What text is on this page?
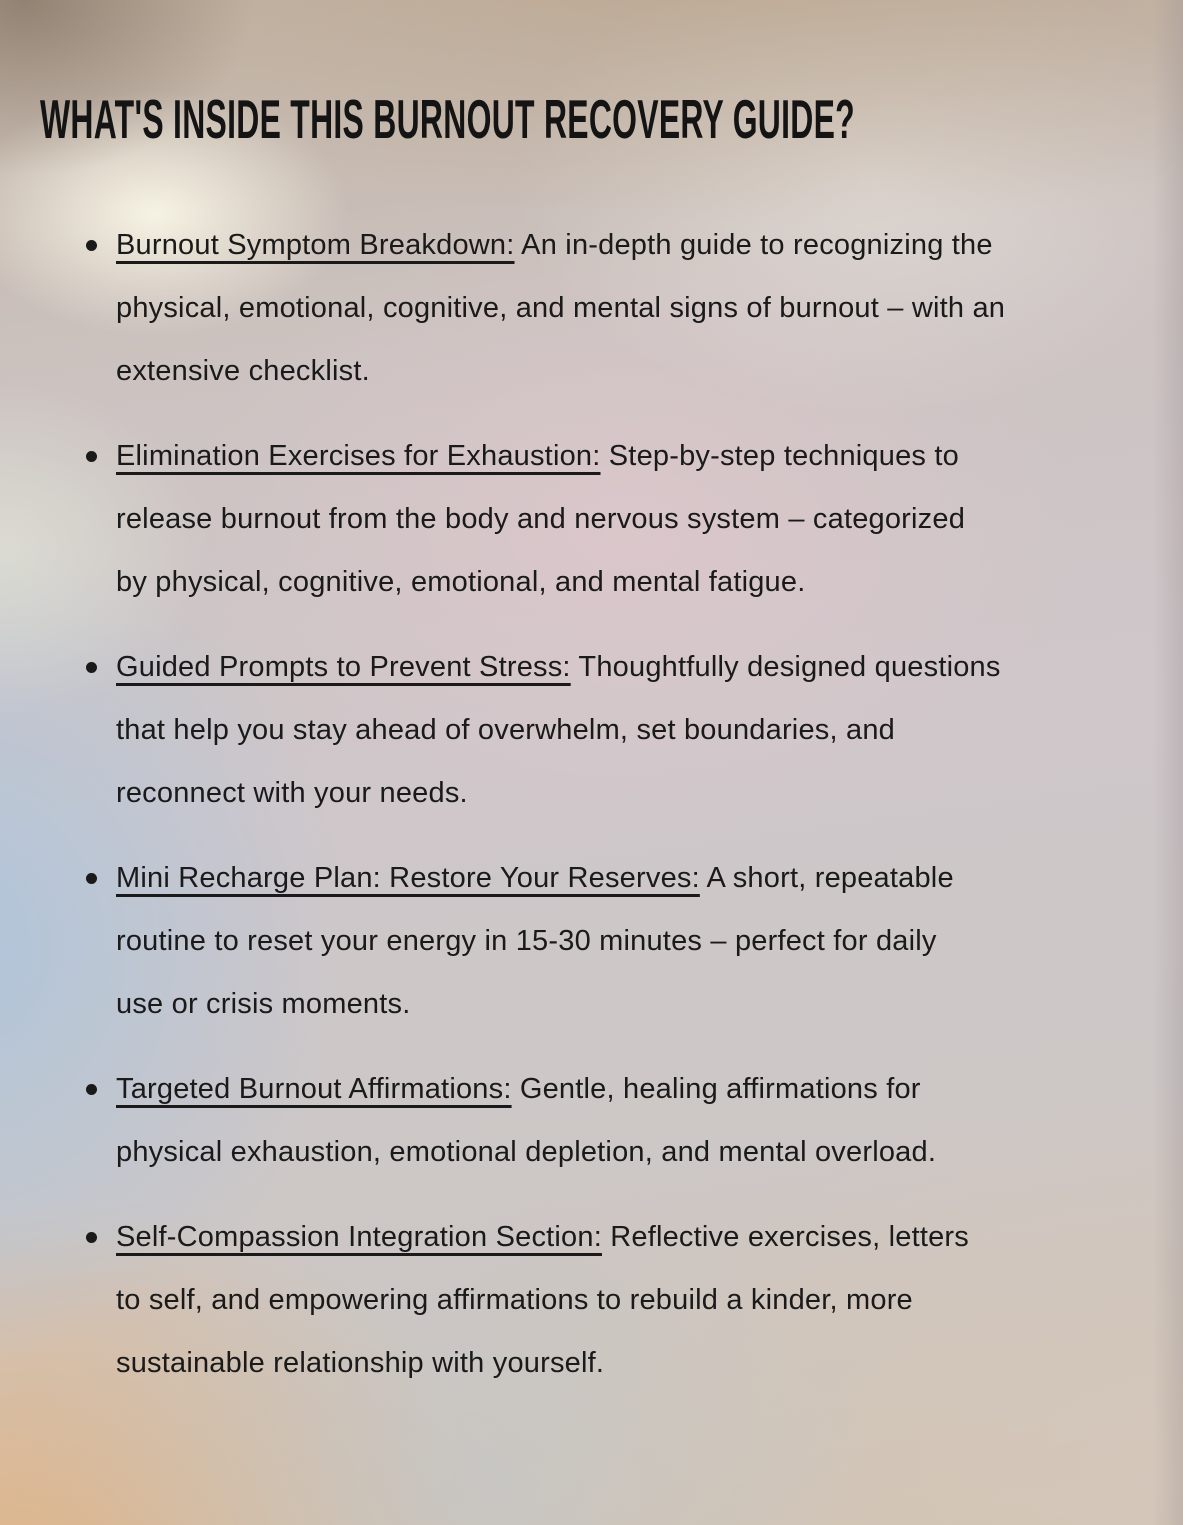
WHAT'S INSIDE THIS BURNOUT RECOVERY GUIDE?
Burnout Symptom Breakdown: An in-depth guide to recognizing the
physical, emotional, cognitive, and mental signs of burnout – with an
extensive checklist.
Elimination Exercises for Exhaustion: Step-by-step techniques to
release burnout from the body and nervous system – categorized
by physical, cognitive, emotional, and mental fatigue.
Guided Prompts to Prevent Stress: Thoughtfully designed questions
that help you stay ahead of overwhelm, set boundaries, and
reconnect with your needs.
Mini Recharge Plan: Restore Your Reserves: A short, repeatable
routine to reset your energy in 15-30 minutes – perfect for daily
use or crisis moments.
Targeted Burnout Affirmations: Gentle, healing affirmations for
physical exhaustion, emotional depletion, and mental overload.
Self-Compassion Integration Section: Reflective exercises, letters
to self, and empowering affirmations to rebuild a kinder, more
sustainable relationship with yourself.
